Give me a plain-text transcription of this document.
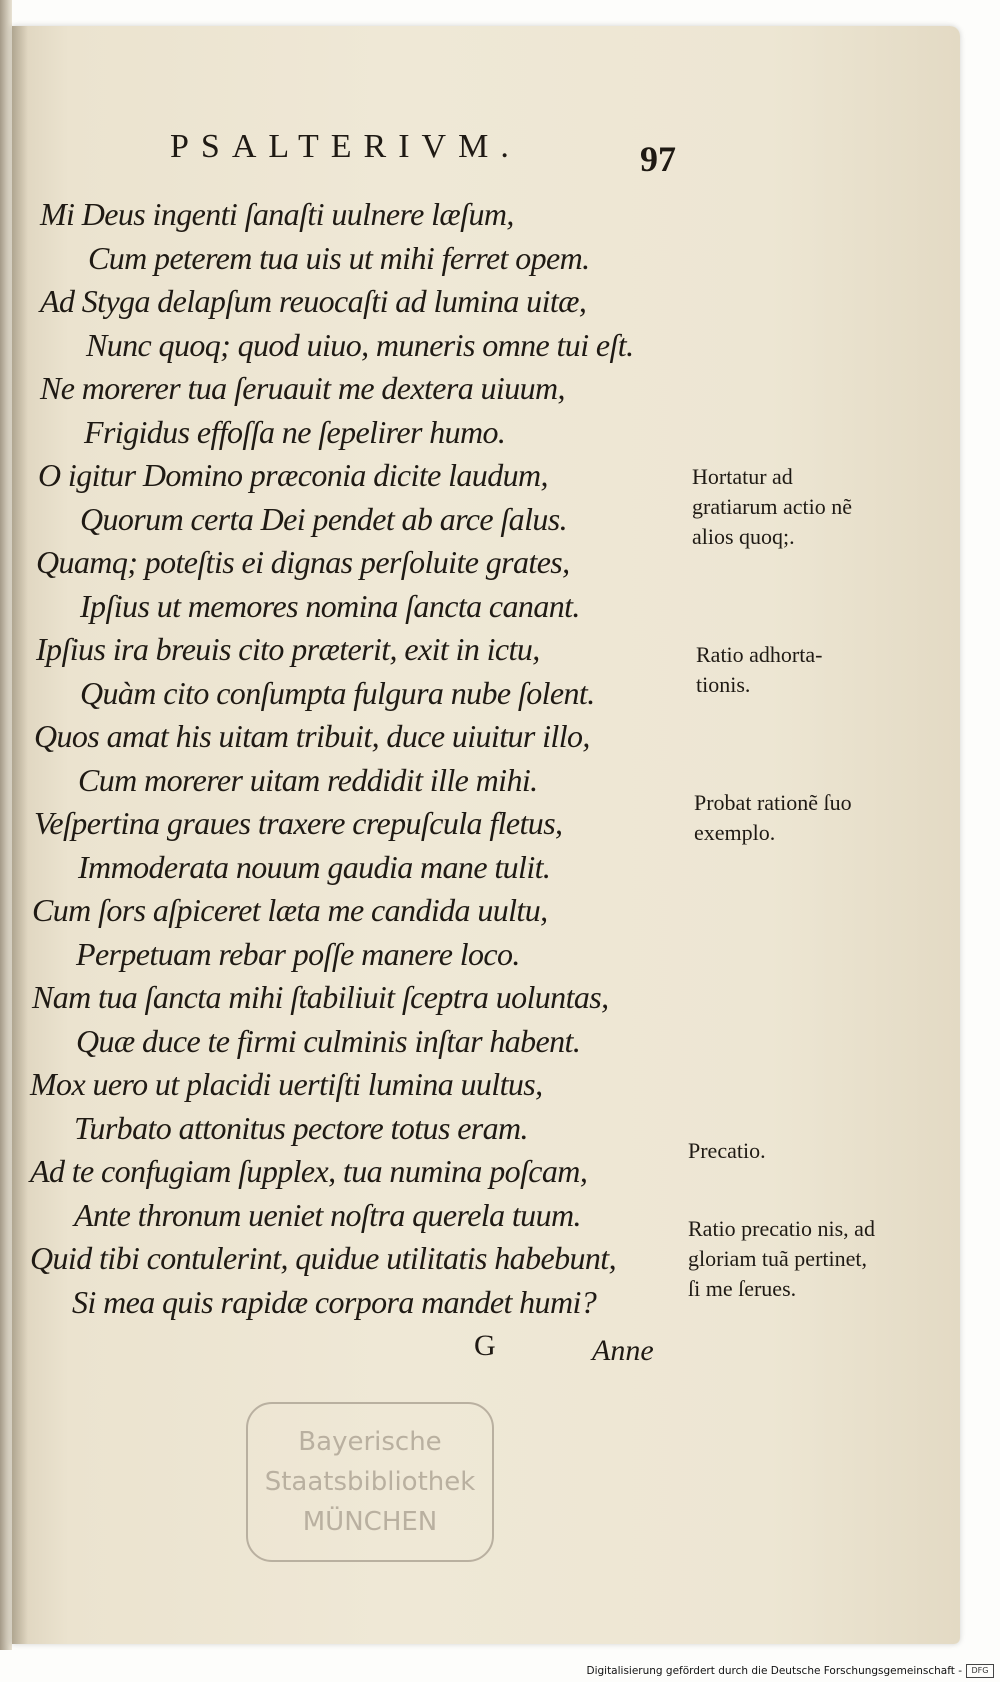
PSALTERIVM.	97
Mi Deus ingenti ſanaſti uulnere læſum,
Cum peterem tua uis ut mihi ferret opem.
Ad Styga delapſum reuocaſti ad lumina uitæ,
Nunc quoq; quod uiuo, muneris omne tui eſt.
Ne morerer tua ſeruauit me dextera uiuum,
Frigidus effoſſa ne ſepelirer humo.
O igitur Domino præconia dicite laudum,
Quorum certa Dei pendet ab arce ſalus.
Quamq; poteſtis ei dignas perſoluite grates,
Ipſius ut memores nomina ſancta canant.
Ipſius ira breuis cito præterit, exit in ictu,
Quàm cito conſumpta fulgura nube ſolent.
Quos amat his uitam tribuit, duce uiuitur illo,
Cum morerer uitam reddidit ille mihi.
Veſpertina graues traxere crepuſcula fletus,
Immoderata nouum gaudia mane tulit.
Cum ſors aſpiceret læta me candida uultu,
Perpetuam rebar poſſe manere loco.
Nam tua ſancta mihi ſtabiliuit ſceptra uoluntas,
Quæ duce te firmi culminis inſtar habent.
Mox uero ut placidi uertiſti lumina uultus,
Turbato attonitus pectore totus eram.
Ad te confugiam ſupplex, tua numina poſcam,
Ante thronum ueniet noſtra querela tuum.
Quid tibi contulerint, quidue utilitatis habebunt,
Si mea quis rapidæ corpora mandet humi?
Hortatur ad gratiarum actio nẽ alios quoq;.
Ratio adhorta- tionis.
Probat rationẽ ſuo exemplo.
Precatio.
Ratio precatio nis, ad gloriam tuã pertinet, ſi me ſerues.
G	Anne
Bayerische
Staatsbibliothek
MÜNCHEN
Digitalisierung gefördert durch die Deutsche Forschungsgemeinschaft -	DFG
